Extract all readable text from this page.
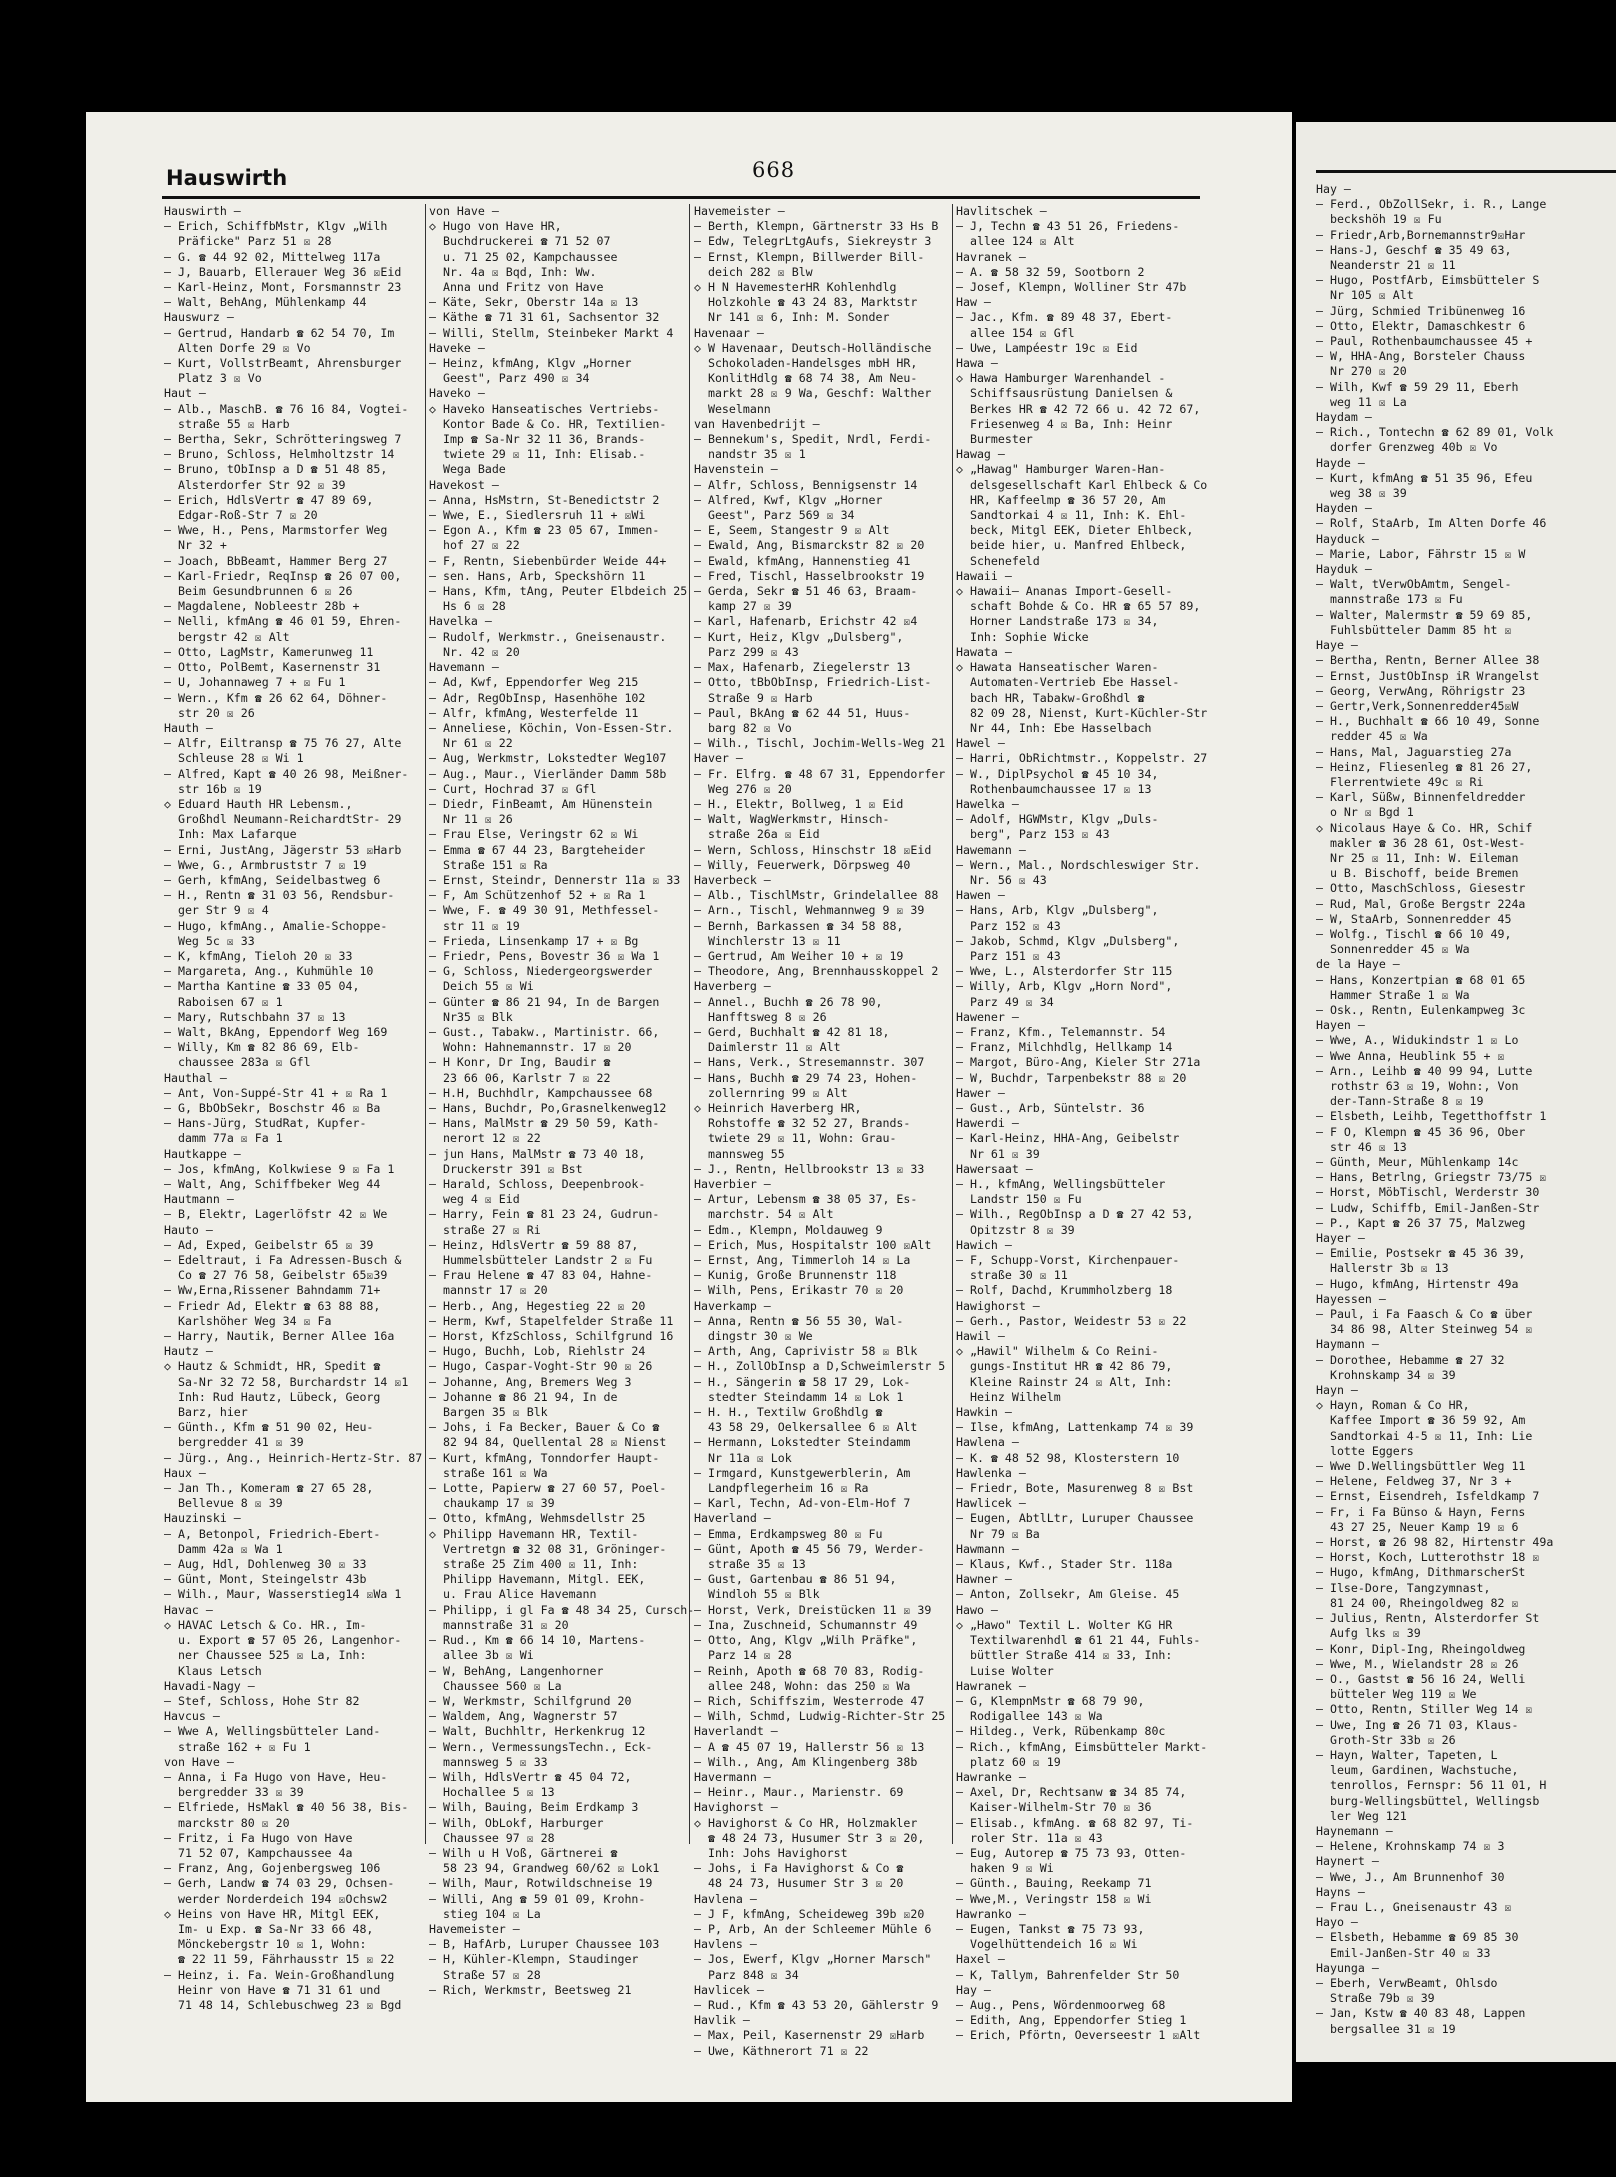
Hauswirth	668
Hauswirth —
— Erich, SchiffbMstr, Klgv „Wilh
Präficke" Parz 51 ☒ 28
— G. ☎ 44 92 02, Mittelweg 117a
— J, Bauarb, Ellerauer Weg 36 ☒Eid
— Karl-Heinz, Mont, Forsmannstr 23
— Walt, BehAng, Mühlenkamp 44
Hauswurz —
— Gertrud, Handarb ☎ 62 54 70, Im
Alten Dorfe 29 ☒ Vo
— Kurt, VollstrBeamt, Ahrensburger
Platz 3 ☒ Vo
Haut —
— Alb., MaschB. ☎ 76 16 84, Vogtei-
straße 55 ☒ Harb
— Bertha, Sekr, Schrötteringsweg 7
— Bruno, Schloss, Helmholtzstr 14
— Bruno, tObInsp a D ☎ 51 48 85,
Alsterdorfer Str 92 ☒ 39
— Erich, HdlsVertr ☎ 47 89 69,
Edgar-Roß-Str 7 ☒ 20
— Wwe, H., Pens, Marmstorfer Weg
Nr 32 +
— Joach, BbBeamt, Hammer Berg 27
— Karl-Friedr, ReqInsp ☎ 26 07 00,
Beim Gesundbrunnen 6 ☒ 26
— Magdalene, Nobleestr 28b +
— Nelli, kfmAng ☎ 46 01 59, Ehren-
bergstr 42 ☒ Alt
— Otto, LagMstr, Kamerunweg 11
— Otto, PolBemt, Kasernenstr 31
— U, Johannaweg 7 + ☒ Fu 1
— Wern., Kfm ☎ 26 62 64, Döhner-
str 20 ☒ 26
Hauth —
— Alfr, Eiltransp ☎ 75 76 27, Alte
Schleuse 28 ☒ Wi 1
— Alfred, Kapt ☎ 40 26 98, Meißner-
str 16b ☒ 19
◇ Eduard Hauth HR Lebensm.,
Großhdl Neumann-ReichardtStr- 29
Inh: Max Lafarque
— Erni, JustAng, Jägerstr 53 ☒Harb
— Wwe, G., Armbruststr 7 ☒ 19
— Gerh, kfmAng, Seidelbastweg 6
— H., Rentn ☎ 31 03 56, Rendsbur-
ger Str 9 ☒ 4
— Hugo, kfmAng., Amalie-Schoppe-
Weg 5c ☒ 33
— K, kfmAng, Tieloh 20 ☒ 33
— Margareta, Ang., Kuhmühle 10
— Martha Kantine ☎ 33 05 04,
Raboisen 67 ☒ 1
— Mary, Rutschbahn 37 ☒ 13
— Walt, BkAng, Eppendorf Weg 169
— Willy, Km ☎ 82 86 69, Elb-
chaussee 283a ☒ Gfl
Hauthal —
— Ant, Von-Suppé-Str 41 + ☒ Ra 1
— G, BbObSekr, Boschstr 46 ☒ Ba
— Hans-Jürg, StudRat, Kupfer-
damm 77a ☒ Fa 1
Hautkappe —
— Jos, kfmAng, Kolkwiese 9 ☒ Fa 1
— Walt, Ang, Schiffbeker Weg 44
Hautmann —
— B, Elektr, Lagerlöfstr 42 ☒ We
Hauto —
— Ad, Exped, Geibelstr 65 ☒ 39
— Edeltraut, i Fa Adressen-Busch &
Co ☎ 27 76 58, Geibelstr 65☒39
— Ww,Erna,Rissener Bahndamm 71+
— Friedr Ad, Elektr ☎ 63 88 88,
Karlshöher Weg 34 ☒ Fa
— Harry, Nautik, Berner Allee 16a
Hautz —
◇ Hautz & Schmidt, HR, Spedit ☎
Sa-Nr 32 72 58, Burchardstr 14 ☒1
Inh: Rud Hautz, Lübeck, Georg
Barz, hier
— Günth., Kfm ☎ 51 90 02, Heu-
bergredder 41 ☒ 39
— Jürg., Ang., Heinrich-Hertz-Str. 87
Haux —
— Jan Th., Komeram ☎ 27 65 28,
Bellevue 8 ☒ 39
Hauzinski —
— A, Betonpol, Friedrich-Ebert-
Damm 42a ☒ Wa 1
— Aug, Hdl, Dohlenweg 30 ☒ 33
— Günt, Mont, Steingelstr 43b
— Wilh., Maur, Wasserstieg14 ☒Wa 1
Havac —
◇ HAVAC Letsch & Co. HR., Im-
u. Export ☎ 57 05 26, Langenhor-
ner Chaussee 525 ☒ La, Inh:
Klaus Letsch
Havadi-Nagy —
— Stef, Schloss, Hohe Str 82
Havcus —
— Wwe A, Wellingsbütteler Land-
straße 162 + ☒ Fu 1
von Have —
— Anna, i Fa Hugo von Have, Heu-
bergredder 33 ☒ 39
— Elfriede, HsMakl ☎ 40 56 38, Bis-
marckstr 80 ☒ 20
— Fritz, i Fa Hugo von Have
71 52 07, Kampchaussee 4a
— Franz, Ang, Gojenbergsweg 106
— Gerh, Landw ☎ 74 03 29, Ochsen-
werder Norderdeich 194 ☒Ochsw2
◇ Heins von Have HR, Mitgl EEK,
Im- u Exp. ☎ Sa-Nr 33 66 48,
Mönckebergstr 10 ☒ 1, Wohn:
☎ 22 11 59, Fährhausstr 15 ☒ 22
— Heinz, i. Fa. Wein-Großhandlung
Heinr von Have ☎ 71 31 61 und
71 48 14, Schlebuschweg 23 ☒ Bgd
von Have —
◇ Hugo von Have HR,
Buchdruckerei ☎ 71 52 07
u. 71 25 02, Kampchaussee
Nr. 4a ☒ Bqd, Inh: Ww.
Anna und Fritz von Have
— Käte, Sekr, Oberstr 14a ☒ 13
— Käthe ☎ 71 31 61, Sachsentor 32
— Willi, Stellm, Steinbeker Markt 4
Haveke —
— Heinz, kfmAng, Klgv „Horner
Geest", Parz 490 ☒ 34
Haveko —
◇ Haveko Hanseatisches Vertriebs-
Kontor Bade & Co. HR, Textilien-
Imp ☎ Sa-Nr 32 11 36, Brands-
twiete 29 ☒ 11, Inh: Elisab.-
Wega Bade
Havekost —
— Anna, HsMstrn, St-Benedictstr 2
— Wwe, E., Siedlersruh 11 + ☒Wi
— Egon A., Kfm ☎ 23 05 67, Immen-
hof 27 ☒ 22
— F, Rentn, Siebenbürder Weide 44+
— sen. Hans, Arb, Speckshörn 11
— Hans, Kfm, tAng, Peuter Elbdeich 25
Hs 6 ☒ 28
Havelka —
— Rudolf, Werkmstr., Gneisenaustr.
Nr. 42 ☒ 20
Havemann —
— Ad, Kwf, Eppendorfer Weg 215
— Adr, RegObInsp, Hasenhöhe 102
— Alfr, kfmAng, Westerfelde 11
— Anneliese, Köchin, Von-Essen-Str.
Nr 61 ☒ 22
— Aug, Werkmstr, Lokstedter Weg107
— Aug., Maur., Vierländer Damm 58b
— Curt, Hochrad 37 ☒ Gfl
— Diedr, FinBeamt, Am Hünenstein
Nr 11 ☒ 26
— Frau Else, Veringstr 62 ☒ Wi
— Emma ☎ 67 44 23, Bargteheider
Straße 151 ☒ Ra
— Ernst, Steindr, Dennerstr 11a ☒ 33
— F, Am Schützenhof 52 + ☒ Ra 1
— Wwe, F. ☎ 49 30 91, Methfessel-
str 11 ☒ 19
— Frieda, Linsenkamp 17 + ☒ Bg
— Friedr, Pens, Bovestr 36 ☒ Wa 1
— G, Schloss, Niedergeorgswerder
Deich 55 ☒ Wi
— Günter ☎ 86 21 94, In de Bargen
Nr35 ☒ Blk
— Gust., Tabakw., Martinistr. 66,
Wohn: Hahnemannstr. 17 ☒ 20
— H Konr, Dr Ing, Baudir ☎
23 66 06, Karlstr 7 ☒ 22
— H.H, Buchhdlr, Kampchaussee 68
— Hans, Buchdr, Po,Grasnelkenweg12
— Hans, MalMstr ☎ 29 50 59, Kath-
nerort 12 ☒ 22
— jun Hans, MalMstr ☎ 73 40 18,
Druckerstr 391 ☒ Bst
— Harald, Schloss, Deepenbrook-
weg 4 ☒ Eid
— Harry, Fein ☎ 81 23 24, Gudrun-
straße 27 ☒ Ri
— Heinz, HdlsVertr ☎ 59 88 87,
Hummelsbütteler Landstr 2 ☒ Fu
— Frau Helene ☎ 47 83 04, Hahne-
mannstr 17 ☒ 20
— Herb., Ang, Hegestieg 22 ☒ 20
— Herm, Kwf, Stapelfelder Straße 11
— Horst, KfzSchloss, Schilfgrund 16
— Hugo, Buchh, Lob, Riehlstr 24
— Hugo, Caspar-Voght-Str 90 ☒ 26
— Johanne, Ang, Bremers Weg 3
— Johanne ☎ 86 21 94, In de
Bargen 35 ☒ Blk
— Johs, i Fa Becker, Bauer & Co ☎
82 94 84, Quellental 28 ☒ Nienst
— Kurt, kfmAng, Tonndorfer Haupt-
straße 161 ☒ Wa
— Lotte, Papierw ☎ 27 60 57, Poel-
chaukamp 17 ☒ 39
— Otto, kfmAng, Wehmsdellstr 25
◇ Philipp Havemann HR, Textil-
Vertretgn ☎ 32 08 31, Gröninger-
straße 25 Zim 400 ☒ 11, Inh:
Philipp Havemann, Mitgl. EEK,
u. Frau Alice Havemann
— Philipp, i gl Fa ☎ 48 34 25, Cursch-
mannstraße 31 ☒ 20
— Rud., Km ☎ 66 14 10, Martens-
allee 3b ☒ Wi
— W, BehAng, Langenhorner
Chaussee 560 ☒ La
— W, Werkmstr, Schilfgrund 20
— Waldem, Ang, Wagnerstr 57
— Walt, Buchhltr, Herkenkrug 12
— Wern., VermessungsTechn., Eck-
mannsweg 5 ☒ 33
— Wilh, HdlsVertr ☎ 45 04 72,
Hochallee 5 ☒ 13
— Wilh, Bauing, Beim Erdkamp 3
— Wilh, ObLokf, Harburger
Chaussee 97 ☒ 28
— Wilh u H Voß, Gärtnerei ☎
58 23 94, Grandweg 60/62 ☒ Lok1
— Wilh, Maur, Rotwildschneise 19
— Willi, Ang ☎ 59 01 09, Krohn-
stieg 104 ☒ La
Havemeister —
— B, HafArb, Luruper Chaussee 103
— H, Kühler-Klempn, Staudinger
Straße 57 ☒ 28
— Rich, Werkmstr, Beetsweg 21
Havemeister —
— Berth, Klempn, Gärtnerstr 33 Hs B
— Edw, TelegrLtgAufs, Siekreystr 3
— Ernst, Klempn, Billwerder Bill-
deich 282 ☒ Blw
◇ H N HavemesterHR Kohlenhdlg
Holzkohle ☎ 43 24 83, Marktstr
Nr 141 ☒ 6, Inh: M. Sonder
Havenaar —
◇ W Havenaar, Deutsch-Holländische
Schokoladen-Handelsges mbH HR,
KonlitHdlg ☎ 68 74 38, Am Neu-
markt 28 ☒ 9 Wa, Geschf: Walther
Weselmann
van Havenbedrijt —
— Bennekum's, Spedit, Nrdl, Ferdi-
nandstr 35 ☒ 1
Havenstein —
— Alfr, Schloss, Bennigsenstr 14
— Alfred, Kwf, Klgv „Horner
Geest", Parz 569 ☒ 34
— E, Seem, Stangestr 9 ☒ Alt
— Ewald, Ang, Bismarckstr 82 ☒ 20
— Ewald, kfmAng, Hannenstieg 41
— Fred, Tischl, Hasselbrookstr 19
— Gerda, Sekr ☎ 51 46 63, Braam-
kamp 27 ☒ 39
— Karl, Hafenarb, Erichstr 42 ☒4
— Kurt, Heiz, Klgv „Dulsberg",
Parz 299 ☒ 43
— Max, Hafenarb, Ziegelerstr 13
— Otto, tBbObInsp, Friedrich-List-
Straße 9 ☒ Harb
— Paul, BkAng ☎ 62 44 51, Huus-
barg 82 ☒ Vo
— Wilh., Tischl, Jochim-Wells-Weg 21
Haver —
— Fr. Elfrg. ☎ 48 67 31, Eppendorfer
Weg 276 ☒ 20
— H., Elektr, Bollweg, 1 ☒ Eid
— Walt, WagWerkmstr, Hinsch-
straße 26a ☒ Eid
— Wern, Schloss, Hinschstr 18 ☒Eid
— Willy, Feuerwerk, Dörpsweg 40
Haverbeck —
— Alb., TischlMstr, Grindelallee 88
— Arn., Tischl, Wehmannweg 9 ☒ 39
— Bernh, Barkassen ☎ 34 58 88,
Winchlerstr 13 ☒ 11
— Gertrud, Am Weiher 10 + ☒ 19
— Theodore, Ang, Brennhausskoppel 2
Haverberg —
— Annel., Buchh ☎ 26 78 90,
Hanfftsweg 8 ☒ 26
— Gerd, Buchhalt ☎ 42 81 18,
Daimlerstr 11 ☒ Alt
— Hans, Verk., Stresemannstr. 307
— Hans, Buchh ☎ 29 74 23, Hohen-
zollernring 99 ☒ Alt
◇ Heinrich Haverberg HR,
Rohstoffe ☎ 32 52 27, Brands-
twiete 29 ☒ 11, Wohn: Grau-
mannsweg 55
— J., Rentn, Hellbrookstr 13 ☒ 33
Haverbier —
— Artur, Lebensm ☎ 38 05 37, Es-
marchstr. 54 ☒ Alt
— Edm., Klempn, Moldauweg 9
— Erich, Mus, Hospitalstr 100 ☒Alt
— Ernst, Ang, Timmerloh 14 ☒ La
— Kunig, Große Brunnenstr 118
— Wilh, Pens, Erikastr 70 ☒ 20
Haverkamp —
— Anna, Rentn ☎ 56 55 30, Wal-
dingstr 30 ☒ We
— Arth, Ang, Caprivistr 58 ☒ Blk
— H., ZollObInsp a D,Schweimlerstr 5
— H., Sängerin ☎ 58 17 29, Lok-
stedter Steindamm 14 ☒ Lok 1
— H. H., Textilw Großhdlg ☎
43 58 29, Oelkersallee 6 ☒ Alt
— Hermann, Lokstedter Steindamm
Nr 11a ☒ Lok
— Irmgard, Kunstgewerblerin, Am
Landpflegerheim 16 ☒ Ra
— Karl, Techn, Ad-von-Elm-Hof 7
Haverland —
— Emma, Erdkampsweg 80 ☒ Fu
— Günt, Apoth ☎ 45 56 79, Werder-
straße 35 ☒ 13
— Gust, Gartenbau ☎ 86 51 94,
Windloh 55 ☒ Blk
— Horst, Verk, Dreistücken 11 ☒ 39
— Ina, Zuschneid, Schumannstr 49
— Otto, Ang, Klgv „Wilh Präfke",
Parz 14 ☒ 28
— Reinh, Apoth ☎ 68 70 83, Rodig-
allee 248, Wohn: das 250 ☒ Wa
— Rich, Schiffszim, Westerrode 47
— Wilh, Schmd, Ludwig-Richter-Str 25
Haverlandt —
— A ☎ 45 07 19, Hallerstr 56 ☒ 13
— Wilh., Ang, Am Klingenberg 38b
Havermann —
— Heinr., Maur., Marienstr. 69
Havighorst —
◇ Havighorst & Co HR, Holzmakler
☎ 48 24 73, Husumer Str 3 ☒ 20,
Inh: Johs Havighorst
— Johs, i Fa Havighorst & Co ☎
48 24 73, Husumer Str 3 ☒ 20
Havlena —
— J F, kfmAng, Scheideweg 39b ☒20
— P, Arb, An der Schleemer Mühle 6
Havlens —
— Jos, Ewerf, Klgv „Horner Marsch"
Parz 848 ☒ 34
Havlicek —
— Rud., Kfm ☎ 43 53 20, Gählerstr 9
Havlik —
— Max, Peil, Kasernenstr 29 ☒Harb
— Uwe, Käthnerort 71 ☒ 22
Havlitschek —
— J, Techn ☎ 43 51 26, Friedens-
allee 124 ☒ Alt
Havranek —
— A. ☎ 58 32 59, Sootborn 2
— Josef, Klempn, Wolliner Str 47b
Haw —
— Jac., Kfm. ☎ 89 48 37, Ebert-
allee 154 ☒ Gfl
— Uwe, Lampéestr 19c ☒ Eid
Hawa —
◇ Hawa Hamburger Warenhandel -
Schiffsausrüstung Danielsen &
Berkes HR ☎ 42 72 66 u. 42 72 67,
Friesenweg 4 ☒ Ba, Inh: Heinr
Burmester
Hawag —
◇ „Hawag" Hamburger Waren-Han-
delsgesellschaft Karl Ehlbeck & Co
HR, Kaffeelmp ☎ 36 57 20, Am
Sandtorkai 4 ☒ 11, Inh: K. Ehl-
beck, Mitgl EEK, Dieter Ehlbeck,
beide hier, u. Manfred Ehlbeck,
Schenefeld
Hawaii —
◇ Hawaii— Ananas Import-Gesell-
schaft Bohde & Co. HR ☎ 65 57 89,
Horner Landstraße 173 ☒ 34,
Inh: Sophie Wicke
Hawata —
◇ Hawata Hanseatischer Waren-
Automaten-Vertrieb Ebe Hassel-
bach HR, Tabakw-Großhdl ☎
82 09 28, Nienst, Kurt-Küchler-Str
Nr 44, Inh: Ebe Hasselbach
Hawel —
— Harri, ObRichtmstr., Koppelstr. 27
— W., DiplPsychol ☎ 45 10 34,
Rothenbaumchaussee 17 ☒ 13
Hawelka —
— Adolf, HGWMstr, Klgv „Duls-
berg", Parz 153 ☒ 43
Hawemann —
— Wern., Mal., Nordschleswiger Str.
Nr. 56 ☒ 43
Hawen —
— Hans, Arb, Klgv „Dulsberg",
Parz 152 ☒ 43
— Jakob, Schmd, Klgv „Dulsberg",
Parz 151 ☒ 43
— Wwe, L., Alsterdorfer Str 115
— Willy, Arb, Klgv „Horn Nord",
Parz 49 ☒ 34
Hawener —
— Franz, Kfm., Telemannstr. 54
— Franz, Milchhdlg, Hellkamp 14
— Margot, Büro-Ang, Kieler Str 271a
— W, Buchdr, Tarpenbekstr 88 ☒ 20
Hawer —
— Gust., Arb, Süntelstr. 36
Hawerdi —
— Karl-Heinz, HHA-Ang, Geibelstr
Nr 61 ☒ 39
Hawersaat —
— H., kfmAng, Wellingsbütteler
Landstr 150 ☒ Fu
— Wilh., RegObInsp a D ☎ 27 42 53,
Opitzstr 8 ☒ 39
Hawich —
— F, Schupp-Vorst, Kirchenpauer-
straße 30 ☒ 11
— Rolf, Dachd, Krummholzberg 18
Hawighorst —
— Gerh., Pastor, Weidestr 53 ☒ 22
Hawil —
◇ „Hawil" Wilhelm & Co Reini-
gungs-Institut HR ☎ 42 86 79,
Kleine Rainstr 24 ☒ Alt, Inh:
Heinz Wilhelm
Hawkin —
— Ilse, kfmAng, Lattenkamp 74 ☒ 39
Hawlena —
— K. ☎ 48 52 98, Klosterstern 10
Hawlenka —
— Friedr, Bote, Masurenweg 8 ☒ Bst
Hawlicek —
— Eugen, AbtlLtr, Luruper Chaussee
Nr 79 ☒ Ba
Hawmann —
— Klaus, Kwf., Stader Str. 118a
Hawner —
— Anton, Zollsekr, Am Gleise. 45
Hawo —
◇ „Hawo" Textil L. Wolter KG HR
Textilwarenhdl ☎ 61 21 44, Fuhls-
büttler Straße 414 ☒ 33, Inh:
Luise Wolter
Hawranek —
— G, KlempnMstr ☎ 68 79 90,
Rodigallee 143 ☒ Wa
— Hildeg., Verk, Rübenkamp 80c
— Rich., kfmAng, Eimsbütteler Markt-
platz 60 ☒ 19
Hawranke —
— Axel, Dr, Rechtsanw ☎ 34 85 74,
Kaiser-Wilhelm-Str 70 ☒ 36
— Elisab., kfmAng. ☎ 68 82 97, Ti-
roler Str. 11a ☒ 43
— Eug, Autorep ☎ 75 73 93, Otten-
haken 9 ☒ Wi
— Günth., Bauing, Reekamp 71
— Wwe,M., Veringstr 158 ☒ Wi
Hawranko —
— Eugen, Tankst ☎ 75 73 93,
Vogelhüttendeich 16 ☒ Wi
Haxel —
— K, Tallym, Bahrenfelder Str 50
Hay —
— Aug., Pens, Wördenmoorweg 68
— Edith, Ang, Eppendorfer Stieg 1
— Erich, Pförtn, Oeverseestr 1 ☒Alt
Hay —
— Ferd., ObZollSekr, i. R., Lange
beckshöh 19 ☒ Fu
— Friedr,Arb,Bornemannstr9☒Har
— Hans-J, Geschf ☎ 35 49 63,
Neanderstr 21 ☒ 11
— Hugo, PostfArb, Eimsbütteler S
Nr 105 ☒ Alt
— Jürg, Schmied Tribünenweg 16
— Otto, Elektr, Damaschkestr 6
— Paul, Rothenbaumchaussee 45 +
— W, HHA-Ang, Borsteler Chauss
Nr 270 ☒ 20
— Wilh, Kwf ☎ 59 29 11, Eberh
weg 11 ☒ La
Haydam —
— Rich., Tontechn ☎ 62 89 01, Volk
dorfer Grenzweg 40b ☒ Vo
Hayde —
— Kurt, kfmAng ☎ 51 35 96, Efeu
weg 38 ☒ 39
Hayden —
— Rolf, StaArb, Im Alten Dorfe 46
Hayduck —
— Marie, Labor, Fährstr 15 ☒ W
Hayduk —
— Walt, tVerwObAmtm, Sengel-
mannstraße 173 ☒ Fu
— Walter, Malermstr ☎ 59 69 85,
Fuhlsbütteler Damm 85 ht ☒
Haye —
— Bertha, Rentn, Berner Allee 38
— Ernst, JustObInsp iR Wrangelst
— Georg, VerwAng, Röhrigstr 23
— Gertr,Verk,Sonnenredder45☒W
— H., Buchhalt ☎ 66 10 49, Sonne
redder 45 ☒ Wa
— Hans, Mal, Jaguarstieg 27a
— Heinz, Fliesenleg ☎ 81 26 27,
Flerrentwiete 49c ☒ Ri
— Karl, Süßw, Binnenfeldredder
o Nr ☒ Bgd 1
◇ Nicolaus Haye & Co. HR, Schif
makler ☎ 36 28 61, Ost-West-
Nr 25 ☒ 11, Inh: W. Eileman
u B. Bischoff, beide Bremen
— Otto, MaschSchloss, Giesestr
— Rud, Mal, Große Bergstr 224a
— W, StaArb, Sonnenredder 45
— Wolfg., Tischl ☎ 66 10 49,
Sonnenredder 45 ☒ Wa
de la Haye —
— Hans, Konzertpian ☎ 68 01 65
Hammer Straße 1 ☒ Wa
— Osk., Rentn, Eulenkampweg 3c
Hayen —
— Wwe, A., Widukindstr 1 ☒ Lo
— Wwe Anna, Heublink 55 + ☒
— Arn., Leihb ☎ 40 99 94, Lutte
rothstr 63 ☒ 19, Wohn:, Von
der-Tann-Straße 8 ☒ 19
— Elsbeth, Leihb, Tegetthoffstr 1
— F O, Klempn ☎ 45 36 96, Ober
str 46 ☒ 13
— Günth, Meur, Mühlenkamp 14c
— Hans, Betrlng, Griegstr 73/75 ☒
— Horst, MöbTischl, Werderstr 30
— Ludw, Schiffb, Emil-Janßen-Str
— P., Kapt ☎ 26 37 75, Malzweg
Hayer —
— Emilie, Postsekr ☎ 45 36 39,
Hallerstr 3b ☒ 13
— Hugo, kfmAng, Hirtenstr 49a
Hayessen —
— Paul, i Fa Faasch & Co ☎ über
34 86 98, Alter Steinweg 54 ☒
Haymann —
— Dorothee, Hebamme ☎ 27 32
Krohnskamp 34 ☒ 39
Hayn —
◇ Hayn, Roman & Co HR,
Kaffee Import ☎ 36 59 92, Am
Sandtorkai 4-5 ☒ 11, Inh: Lie
lotte Eggers
— Wwe D.Wellingsbüttler Weg 11
— Helene, Feldweg 37, Nr 3 +
— Ernst, Eisendreh, Isfeldkamp 7
— Fr, i Fa Bünso & Hayn, Ferns
43 27 25, Neuer Kamp 19 ☒ 6
— Horst, ☎ 26 98 82, Hirtenstr 49a
— Horst, Koch, Lutterothstr 18 ☒
— Hugo, kfmAng, DithmarscherSt
— Ilse-Dore, Tangzymnast,
81 24 00, Rheingoldweg 82 ☒
— Julius, Rentn, Alsterdorfer St
Aufg lks ☒ 39
— Konr, Dipl-Ing, Rheingoldweg
— Wwe, M., Wielandstr 28 ☒ 26
— O., Gastst ☎ 56 16 24, Welli
bütteler Weg 119 ☒ We
— Otto, Rentn, Stiller Weg 14 ☒
— Uwe, Ing ☎ 26 71 03, Klaus-
Groth-Str 33b ☒ 26
— Hayn, Walter, Tapeten, L
leum, Gardinen, Wachstuche,
tenrollos, Fernspr: 56 11 01, H
burg-Wellingsbüttel, Wellingsb
ler Weg 121
Haynemann —
— Helene, Krohnskamp 74 ☒ 3
Haynert —
— Wwe, J., Am Brunnenhof 30
Hayns —
— Frau L., Gneisenaustr 43 ☒
Hayo —
— Elsbeth, Hebamme ☎ 69 85 30
Emil-Janßen-Str 40 ☒ 33
Hayunga —
— Eberh, VerwBeamt, Ohlsdo
Straße 79b ☒ 39
— Jan, Kstw ☎ 40 83 48, Lappen
bergsallee 31 ☒ 19
